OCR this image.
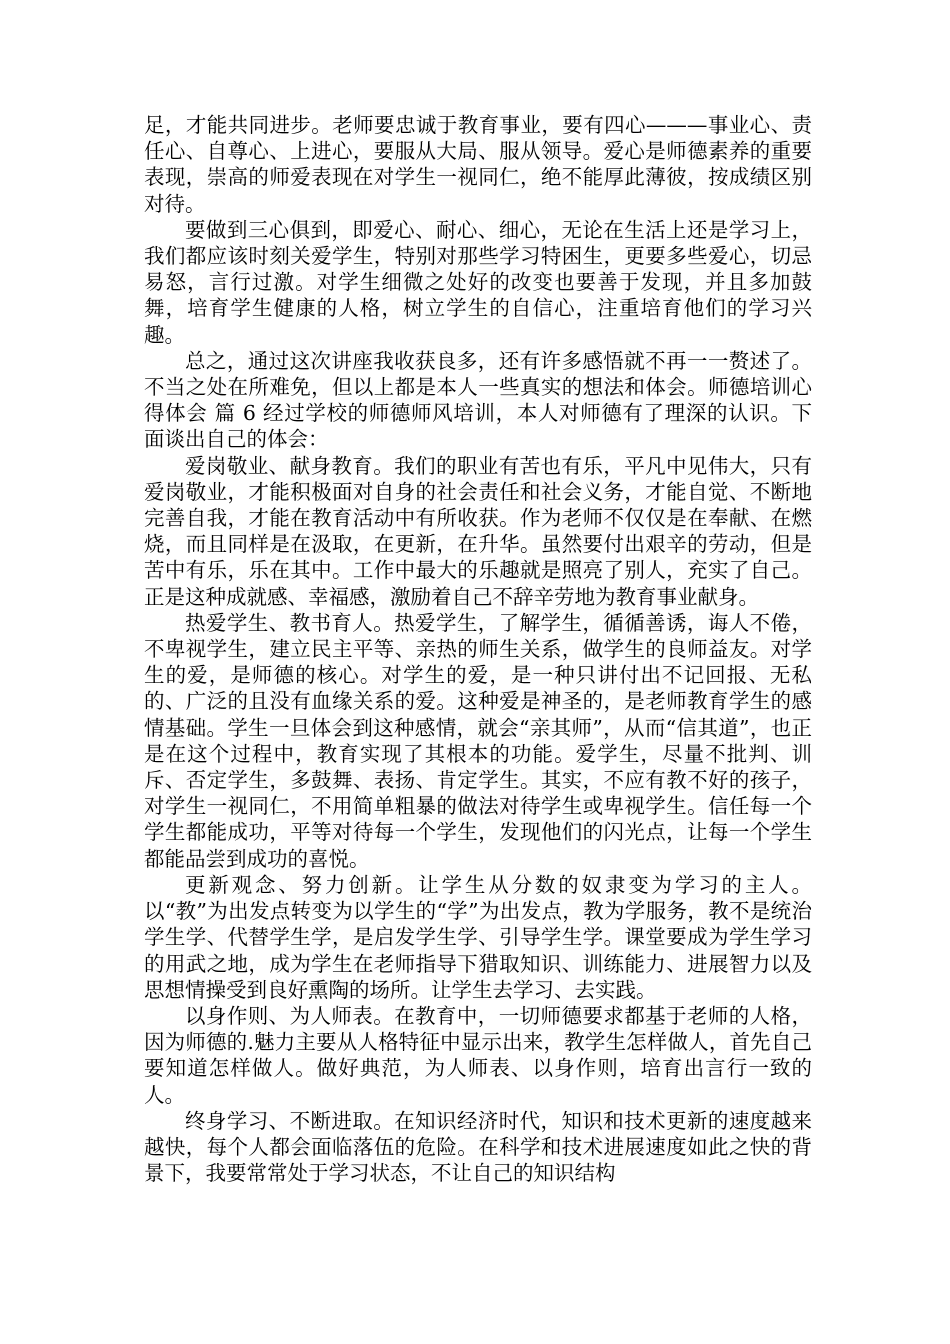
足，才能共同进步。老师要忠诚于教育事业，要有四心———事业心、责任心、自尊心、上进心，要服从大局、服从领导。爱心是师德素养的重要表现，崇高的师爱表现在对学生一视同仁，绝不能厚此薄彼，按成绩区别对待。

要做到三心俱到，即爱心、耐心、细心，无论在生活上还是学习上，我们都应该时刻关爱学生，特别对那些学习特困生，更要多些爱心，切忌易怒，言行过激。对学生细微之处好的改变也要善于发现，并且多加鼓舞，培育学生健康的人格，树立学生的自信心，注重培育他们的学习兴趣。

总之，通过这次讲座我收获良多，还有许多感悟就不再一一赘述了。不当之处在所难免，但以上都是本人一些真实的想法和体会。师德培训心得体会 篇 6 经过学校的师德师风培训，本人对师德有了理深的认识。下面谈出自己的体会：

爱岗敬业、献身教育。我们的职业有苦也有乐，平凡中见伟大，只有爱岗敬业，才能积极面对自身的社会责任和社会义务，才能自觉、不断地完善自我，才能在教育活动中有所收获。作为老师不仅仅是在奉献、在燃烧，而且同样是在汲取，在更新，在升华。虽然要付出艰辛的劳动，但是苦中有乐，乐在其中。工作中最大的乐趣就是照亮了别人，充实了自己。正是这种成就感、幸福感，激励着自己不辞辛劳地为教育事业献身。

热爱学生、教书育人。热爱学生，了解学生，循循善诱，诲人不倦，不卑视学生，建立民主平等、亲热的师生关系，做学生的良师益友。对学生的爱，是师德的核心。对学生的爱，是一种只讲付出不记回报、无私的、广泛的且没有血缘关系的爱。这种爱是神圣的，是老师教育学生的感情基础。学生一旦体会到这种感情，就会“亲其师”，从而“信其道”，也正是在这个过程中，教育实现了其根本的功能。爱学生，尽量不批判、训斥、否定学生，多鼓舞、表扬、肯定学生。其实，不应有教不好的孩子，对学生一视同仁，不用简单粗暴的做法对待学生或卑视学生。信任每一个学生都能成功，平等对待每一个学生，发现他们的闪光点，让每一个学生都能品尝到成功的喜悦。

更新观念、努力创新。让学生从分数的奴隶变为学习的主人。以“教”为出发点转变为以学生的“学”为出发点，教为学服务，教不是统治学生学、代替学生学，是启发学生学、引导学生学。课堂要成为学生学习的用武之地，成为学生在老师指导下猎取知识、训练能力、进展智力以及思想情操受到良好熏陶的场所。让学生去学习、去实践。

以身作则、为人师表。在教育中，一切师德要求都基于老师的人格，因为师德的.魅力主要从人格特征中显示出来，教学生怎样做人，首先自己要知道怎样做人。做好典范，为人师表、以身作则，培育出言行一致的人。

终身学习、不断进取。在知识经济时代，知识和技术更新的速度越来越快，每个人都会面临落伍的危险。在科学和技术进展速度如此之快的背景下，我要常常处于学习状态，不让自己的知识结构
